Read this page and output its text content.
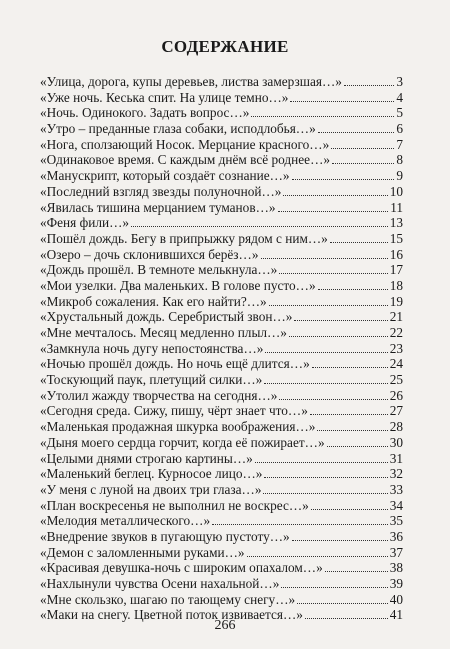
СОДЕРЖАНИЕ
«Улица, дорога, купы деревьев, листва замерзшая…»	3
«Уже ночь. Кеська спит. На улице темно…»	4
«Ночь. Одинокого. Задать вопрос…»	5
«Утро – преданные глаза собаки, исподлобья…»	6
«Нога, сползающий Носок. Мерцание красного…»	7
«Одинаковое время. С каждым днём всё роднее…»	8
«Манускрипт, который создаёт сознание…»	9
«Последний взгляд звезды полуночной…»	10
«Явилась тишина мерцанием туманов…»	11
«Феня фили…»	13
«Пошёл дождь. Бегу в припрыжку рядом с ним…»	15
«Озеро – дочь склонившихся берёз…»	16
«Дождь прошёл. В темноте мелькнула…»	17
«Мои узелки. Два маленьких. В голове пусто…»	18
«Микроб сожаления. Как его найти?…»	19
«Хрустальный дождь. Серебристый звон…»	21
«Мне мечталось. Месяц медленно плыл…»	22
«Замкнула ночь дугу непостоянства…»	23
«Ночью прошёл дождь. Но ночь ещё длится…»	24
«Тоскующий паук, плетущий силки…»	25
«Утолил жажду творчества на сегодня…»	26
«Сегодня среда. Сижу, пишу, чёрт знает что…»	27
«Маленькая продажная шкурка воображения…»	28
«Дыня моего сердца горчит, когда её пожирает…»	30
«Целыми днями строгаю картины…»	31
«Маленький беглец. Курносое лицо…»	32
«У меня с луной на двоих три глаза…»	33
«План воскресенья не выполнил не воскрес…»	34
«Мелодия металлического…»	35
«Внедрение звуков в пугающую пустоту…»	36
«Демон с заломленными руками…»	37
«Красивая девушка-ночь с широким опахалом…»	38
«Нахлынули чувства Осени нахальной…»	39
«Мне скользко, шагаю по тающему снегу…»	40
«Маки на снегу. Цветной поток извивается…»	41
266
